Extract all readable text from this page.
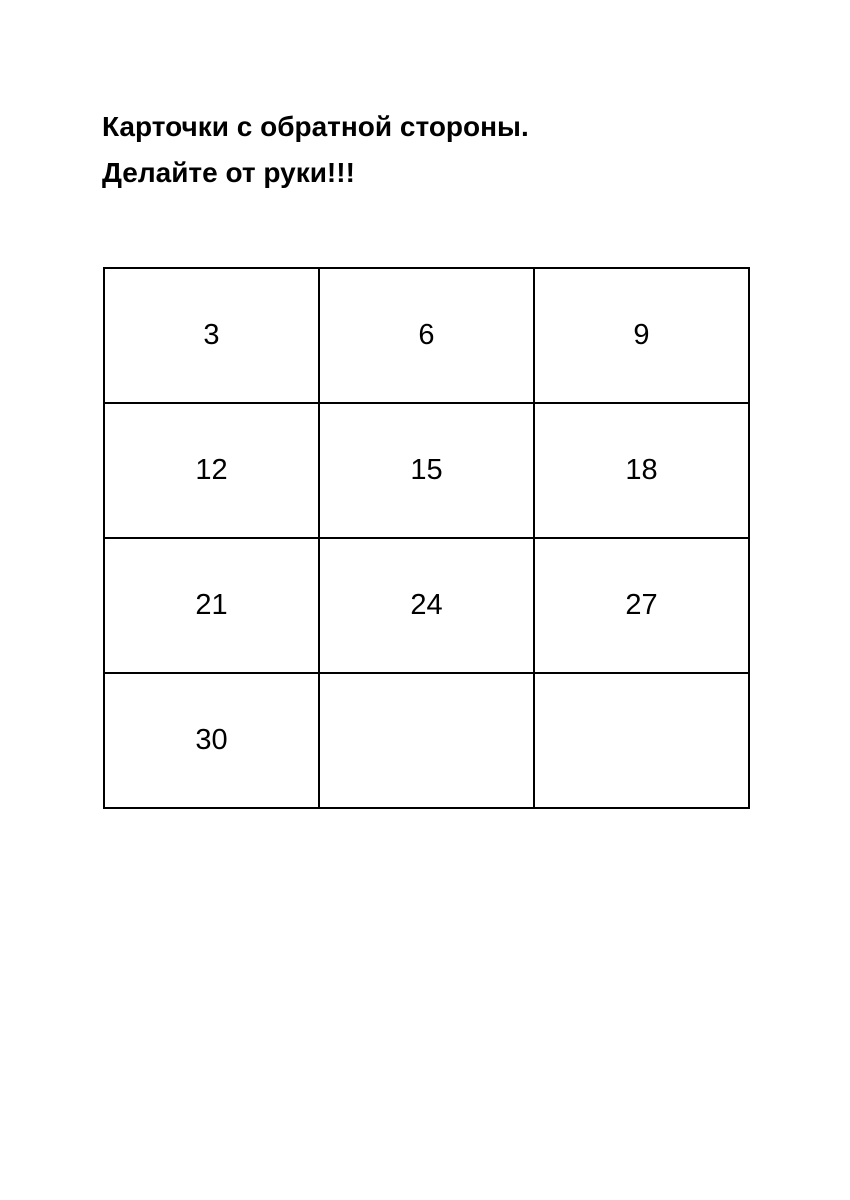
Карточки с обратной стороны.
Делайте от руки!!!
3	6	9
12	15	18
21	24	27
30		
